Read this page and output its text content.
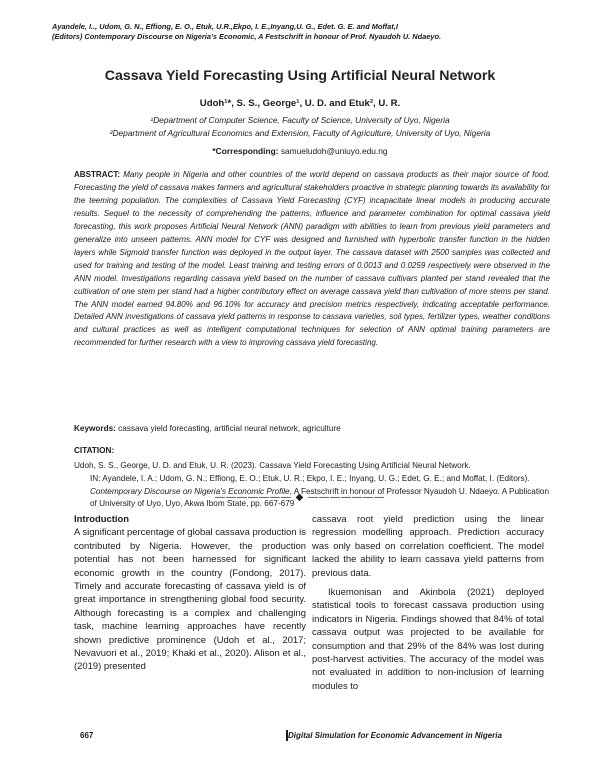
Ayandele, I.., Udom, G. N., Effiong, E. O., Etuk, U.R.,Ekpo, I. E.,Inyang,U. G., Edet. G. E. and Moffat,I
(Editors) Contemporary Discourse on Nigeria’s Economic, A Festschrift in honour of Prof. Nyaudoh U. Ndaeyo.
Cassava Yield Forecasting Using Artificial Neural Network
Udoh¹*, S. S., George¹, U. D. and Etuk², U. R.
¹Department of Computer Science, Faculty of Science, University of Uyo, Nigeria
²Department of Agricultural Economics and Extension, Faculty of Agriculture, University of Uyo, Nigeria
*Corresponding: samueludoh@uniuyo.edu.ng
ABSTRACT: Many people in Nigeria and other countries of the world depend on cassava products as their major source of food. Forecasting the yield of cassava makes farmers and agricultural stakeholders proactive in strategic planning towards its availability for the teeming population. The complexities of Cassava Yield Forecasting (CYF) incapacitate linear models in producing accurate results. Sequel to the necessity of comprehending the patterns, influence and parameter combination for optimal cassava yield forecasting, this work proposes Artificial Neural Network (ANN) paradigm with abilities to learn from previous yield parameters and generalize into unseen patterns. ANN model for CYF was designed and furnished with hyperbolic transfer function in the hidden layers while Sigmoid transfer function was deployed in the output layer. The cassava dataset with 2500 samples was collected and used for training and testing of the model. Least training and testing errors of 0.0013 and 0.0259 respectively were observed in the ANN model. Investigations regarding cassava yield based on the number of cassava cultivars planted per stand revealed that the cultivation of one stem per stand had a higher contributory effect on average cassava yield than cultivation of more stems per stand. The ANN model earned 94.80% and 96.10% for accuracy and precision metrics respectively, indicating acceptable performance. Detailed ANN investigations of cassava yield patterns in response to cassava varieties, soil types, fertilizer types, weather conditions and cultural practices as well as intelligent computational techniques for selection of ANN optimal training parameters are recommended for further research with a view to improving cassava yield forecasting.
Keywords: cassava yield forecasting, artificial neural network, agriculture
CITATION:
Udoh, S. S., George, U. D. and Etuk, U. R. (2023). Cassava Yield Forecasting Using Artificial Neural Network.
IN: Ayandele, I. A.; Udom, G. N.; Effiong, E. O.; Etuk, U. R.; Ekpo, I. E.; Inyang, U. G.; Edet, G. E.; and Moffat, I. (Editors). Contemporary Discourse on Nigeria’s Economic Profile, A Festschrift in honour of Professor Nyaudoh U. Ndaeyo. A Publication of University of Uyo, Uyo, Akwa Ibom State, pp. 667-679
——————— ◆ ———————

Introduction

A significant percentage of global cassava production is contributed by Nigeria. However, the production potential has not been harnessed for significant economic growth in the country (Fondong, 2017). Timely and accurate forecasting of cassava yield is of great importance in strengthening global food security. Although forecasting is a complex and challenging task, machine learning approaches have recently shown predictive prominence (Udoh et al., 2017; Nevavuori et al., 2019; Khaki et al., 2020). Alison et al., (2019) presented

cassava root yield prediction using the linear regression modelling approach. Prediction accuracy was only based on correlation coefficient. The model lacked the ability to learn cassava yield patterns from previous data.

Ikuemonisan and Akinbola (2021) deployed statistical tools to forecast cassava production using indicators in Nigeria. Findings showed that 84% of total cassava output was projected to be available for consumption and that 29% of the 84% was lost during post-harvest activities. The accuracy of the model was not evaluated in addition to non-inclusion of learning modules to

667	Digital Simulation for Economic Advancement in Nigeria
